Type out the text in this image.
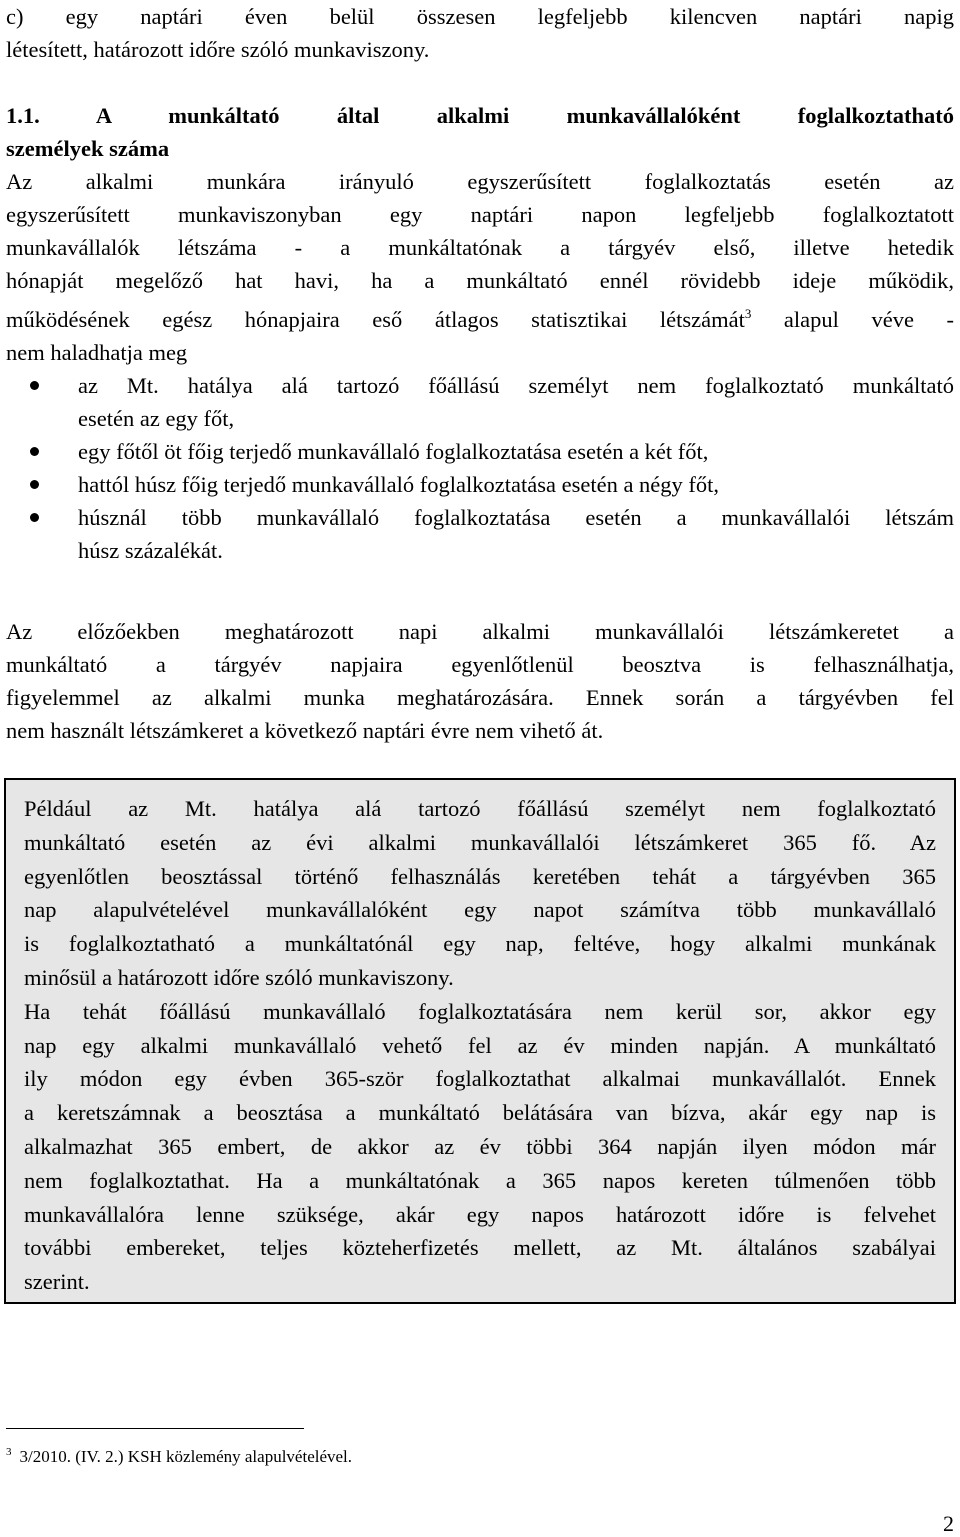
c) egy naptári éven belül összesen legfeljebb kilencven naptári napig
létesített, határozott időre szóló munkaviszony.
1.1. A munkáltató által alkalmi munkavállalóként foglalkoztatható
személyek száma
Az alkalmi munkára irányuló egyszerűsített foglalkoztatás esetén az
egyszerűsített munkaviszonyban egy naptári napon legfeljebb foglalkoztatott
munkavállalók létszáma - a munkáltatónak a tárgyév első, illetve hetedik
hónapját megelőző hat havi, ha a munkáltató ennél rövidebb ideje működik,
működésének egész hónapjaira eső átlagos statisztikai létszámát$^3$ alapul véve -
nem haladhatja meg
az Mt. hatálya alá tartozó főállású személyt nem foglalkoztató munkáltató
esetén az egy főt,
egy főtől öt főig terjedő munkavállaló foglalkoztatása esetén a két főt,
hattól húsz főig terjedő munkavállaló foglalkoztatása esetén a négy főt,
húsznál több munkavállaló foglalkoztatása esetén a munkavállalói létszám
húsz százalékát.
Az előzőekben meghatározott napi alkalmi munkavállalói létszámkeretet a
munkáltató a tárgyév napjaira egyenlőtlenül beosztva is felhasználhatja,
figyelemmel az alkalmi munka meghatározására. Ennek során a tárgyévben fel
nem használt létszámkeret a következő naptári évre nem vihető át.
Például az Mt. hatálya alá tartozó főállású személyt nem foglalkoztató
munkáltató esetén az évi alkalmi munkavállalói létszámkeret 365 fő. Az
egyenlőtlen beosztással történő felhasználás keretében tehát a tárgyévben 365
nap alapulvételével munkavállalóként egy napot számítva több munkavállaló
is foglalkoztatható a munkáltatónál egy nap, feltéve, hogy alkalmi munkának
minősül a határozott időre szóló munkaviszony.
Ha tehát főállású munkavállaló foglalkoztatására nem kerül sor, akkor egy
nap egy alkalmi munkavállaló vehető fel az év minden napján. A munkáltató
ily módon egy évben 365-ször foglalkoztathat alkalmai munkavállalót. Ennek
a keretszámnak a beosztása a munkáltató belátására van bízva, akár egy nap is
alkalmazhat 365 embert, de akkor az év többi 364 napján ilyen módon már
nem foglalkoztathat. Ha a munkáltatónak a 365 napos kereten túlmenően több
munkavállalóra lenne szüksége, akár egy napos határozott időre is felvehet
további embereket, teljes közteherfizetés mellett, az Mt. általános szabályai
szerint.
$^3$ 3/2010. (IV. 2.) KSH közlemény alapulvételével.
2
